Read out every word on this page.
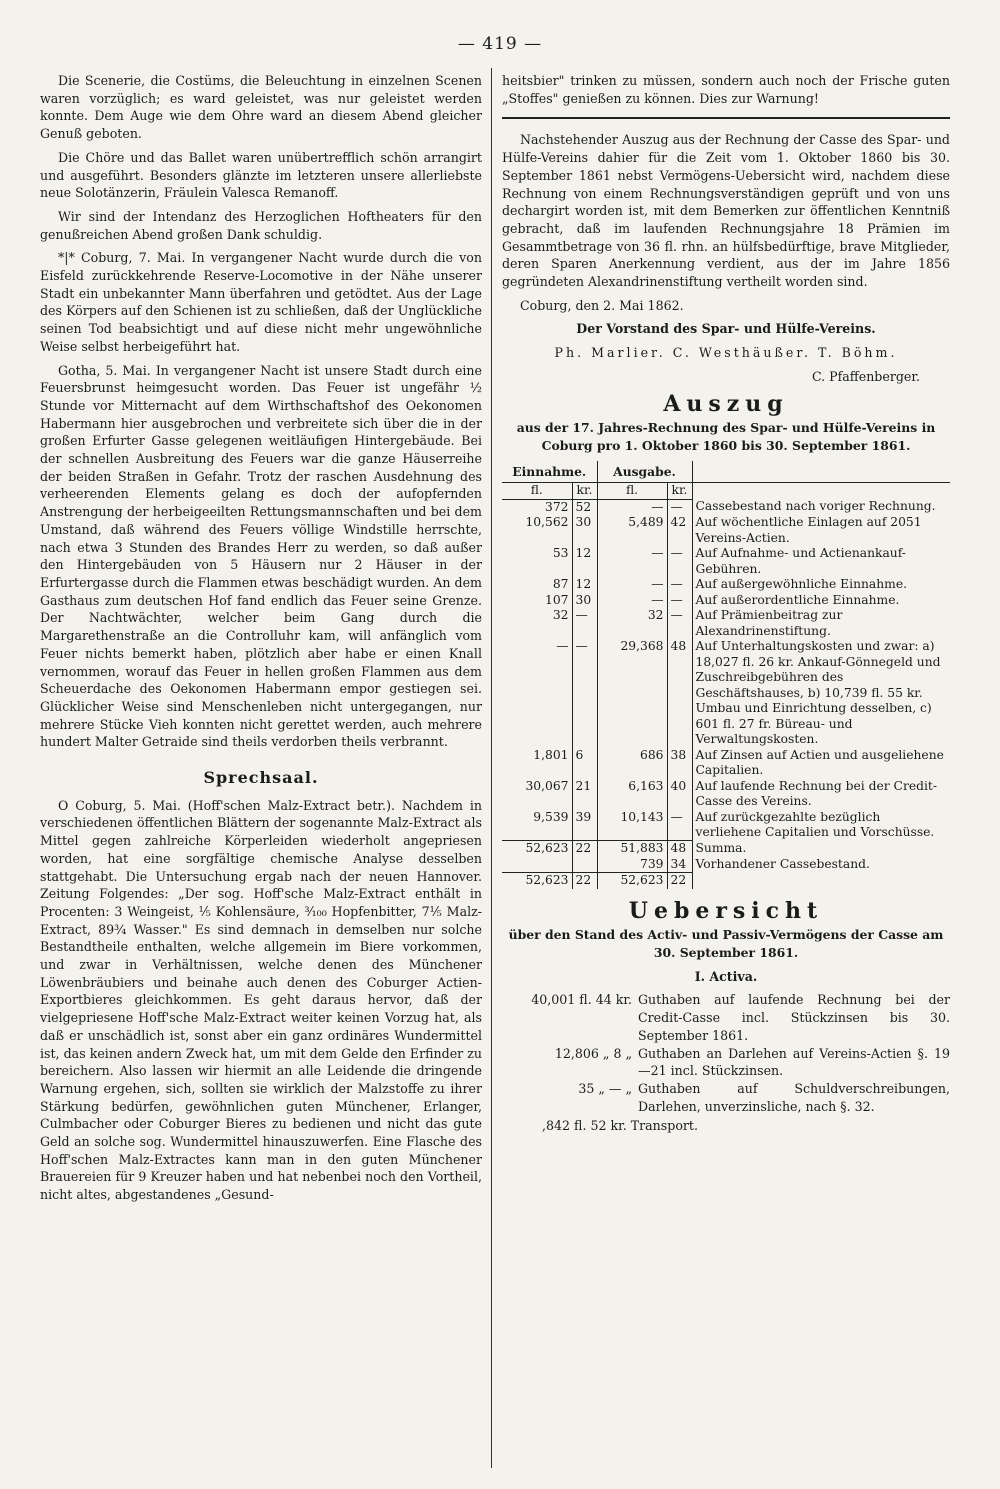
— 419 —

Die Scenerie, die Costüms, die Beleuchtung in einzelnen Scenen waren vorzüglich; es ward geleistet, was nur geleistet werden konnte. Dem Auge wie dem Ohre ward an diesem Abend gleicher Genuß geboten.

Die Chöre und das Ballet waren unübertrefflich schön arrangirt und ausgeführt. Besonders glänzte im letzteren unsere allerliebste neue Solotänzerin, Fräulein Valesca Remanoff.

Wir sind der Intendanz des Herzoglichen Hoftheaters für den genußreichen Abend großen Dank schuldig.

*|* Coburg, 7. Mai. In vergangener Nacht wurde durch die von Eisfeld zurückkehrende Reserve-Locomotive in der Nähe unserer Stadt ein unbekannter Mann überfahren und getödtet. Aus der Lage des Körpers auf den Schienen ist zu schließen, daß der Unglückliche seinen Tod beabsichtigt und auf diese nicht mehr ungewöhnliche Weise selbst herbeigeführt hat.

Gotha, 5. Mai. In vergangener Nacht ist unsere Stadt durch eine Feuersbrunst heimgesucht worden. Das Feuer ist ungefähr ½ Stunde vor Mitternacht auf dem Wirthschaftshof des Oekonomen Habermann hier ausgebrochen und verbreitete sich über die in der großen Erfurter Gasse gelegenen weitläufigen Hintergebäude. Bei der schnellen Ausbreitung des Feuers war die ganze Häuserreihe der beiden Straßen in Gefahr. Trotz der raschen Ausdehnung des verheerenden Elements gelang es doch der aufopfernden Anstrengung der herbeigeeilten Rettungsmannschaften und bei dem Umstand, daß während des Feuers völlige Windstille herrschte, nach etwa 3 Stunden des Brandes Herr zu werden, so daß außer den Hintergebäuden von 5 Häusern nur 2 Häuser in der Erfurtergasse durch die Flammen etwas beschädigt wurden. An dem Gasthaus zum deutschen Hof fand endlich das Feuer seine Grenze. Der Nachtwächter, welcher beim Gang durch die Margarethenstraße an die Controlluhr kam, will anfänglich vom Feuer nichts bemerkt haben, plötzlich aber habe er einen Knall vernommen, worauf das Feuer in hellen großen Flammen aus dem Scheuerdache des Oekonomen Habermann empor gestiegen sei. Glücklicher Weise sind Menschenleben nicht untergegangen, nur mehrere Stücke Vieh konnten nicht gerettet werden, auch mehrere hundert Malter Getraide sind theils verdorben theils verbrannt.

Sprechsaal.

O Coburg, 5. Mai. (Hoff'schen Malz-Extract betr.). Nachdem in verschiedenen öffentlichen Blättern der sogenannte Malz-Extract als Mittel gegen zahlreiche Körperleiden wiederholt angepriesen worden, hat eine sorgfältige chemische Analyse desselben stattgehabt. Die Untersuchung ergab nach der neuen Hannover. Zeitung Folgendes: „Der sog. Hoff'sche Malz-Extract enthält in Procenten: 3 Weingeist, ⅕ Kohlensäure, ³⁄₁₀₀ Hopfenbitter, 7⅕ Malz-Extract, 89¾ Wasser." Es sind demnach in demselben nur solche Bestandtheile enthalten, welche allgemein im Biere vorkommen, und zwar in Verhältnissen, welche denen des Münchener Löwenbräubiers und beinahe auch denen des Coburger Actien-Exportbieres gleichkommen. Es geht daraus hervor, daß der vielgepriesene Hoff'sche Malz-Extract weiter keinen Vorzug hat, als daß er unschädlich ist, sonst aber ein ganz ordinäres Wundermittel ist, das keinen andern Zweck hat, um mit dem Gelde den Erfinder zu bereichern. Also lassen wir hiermit an alle Leidende die dringende Warnung ergehen, sich, sollten sie wirklich der Malzstoffe zu ihrer Stärkung bedürfen, gewöhnlichen guten Münchener, Erlanger, Culmbacher oder Coburger Bieres zu bedienen und nicht das gute Geld an solche sog. Wundermittel hinauszuwerfen. Eine Flasche des Hoff'schen Malz-Extractes kann man in den guten Münchener Brauereien für 9 Kreuzer haben und hat nebenbei noch den Vortheil, nicht altes, abgestandenes „Gesund-

heitsbier" trinken zu müssen, sondern auch noch der Frische guten „Stoffes" genießen zu können. Dies zur Warnung!

Nachstehender Auszug aus der Rechnung der Casse des Spar- und Hülfe-Vereins dahier für die Zeit vom 1. Oktober 1860 bis 30. September 1861 nebst Vermögens-Uebersicht wird, nachdem diese Rechnung von einem Rechnungsverständigen geprüft und von uns dechargirt worden ist, mit dem Bemerken zur öffentlichen Kenntniß gebracht, daß im laufenden Rechnungsjahre 18 Prämien im Gesammtbetrage von 36 fl. rhn. an hülfsbedürftige, brave Mitglieder, deren Sparen Anerkennung verdient, aus der im Jahre 1856 gegründeten Alexandrinenstiftung vertheilt worden sind.

Coburg, den 2. Mai 1862.

Der Vorstand des Spar- und Hülfe-Vereins.

Ph. Marlier. C. Westhäußer. T. Böhm.

C. Pfaffenberger.

Auszug

aus der 17. Jahres-Rechnung des Spar- und Hülfe-Vereins in Coburg pro 1. Oktober 1860 bis 30. September 1861.

Einnahme.		Ausgabe.		
fl.	kr.	fl.	kr.	
372	52	—	—	Cassebestand nach voriger Rechnung.
10,562	30	5,489	42	Auf wöchentliche Einlagen auf 2051 Vereins-Actien.
53	12	—	—	Auf Aufnahme- und Actienankauf-Gebühren.
87	12	—	—	Auf außergewöhnliche Einnahme.
107	30	—	—	Auf außerordentliche Einnahme.
32	—	32	—	Auf Prämienbeitrag zur Alexandrinenstiftung.
—	—	29,368	48	Auf Unterhaltungskosten und zwar: a) 18,027 fl. 26 kr. Ankauf-Gönnegeld und Zuschreibgebühren des Geschäftshauses, b) 10,739 fl. 55 kr. Umbau und Einrichtung desselben, c) 601 fl. 27 fr. Büreau- und Verwaltungskosten.
1,801	6	686	38	Auf Zinsen auf Actien und ausgeliehene Capitalien.
30,067	21	6,163	40	Auf laufende Rechnung bei der Credit-Casse des Vereins.
9,539	39	10,143	—	Auf zurückgezahlte bezüglich verliehene Capitalien und Vorschüsse.
52,623	22	51,883	48	Summa.
		739	34	Vorhandener Cassebestand.
52,623	22	52,623	22	
Uebersicht

über den Stand des Activ- und Passiv-Vermögens der Casse am 30. September 1861.

I. Activa.

40,001 fl. 44 kr. Guthaben auf laufende Rechnung bei der Credit-Casse incl. Stückzinsen bis 30. September 1861.
12,806 „ 8 „ Guthaben an Darlehen auf Vereins-Actien §. 19—21 incl. Stückzinsen.
35 „ — „ Guthaben auf Schuldverschreibungen, Darlehen, unverzinsliche, nach §. 32.

,842 fl. 52 kr. Transport.
